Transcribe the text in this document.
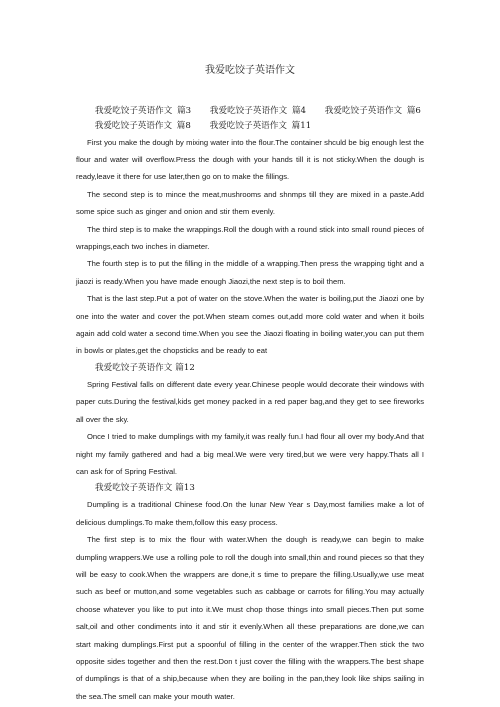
我爱吃饺子英语作文

我爱吃饺子英语作文 篇3 我爱吃饺子英语作文 篇4 我爱吃饺子英语作文 篇6 我爱吃饺子英语作文 篇8 我爱吃饺子英语作文 篇11

First you make the dough by mixing water into the flour.The container shculd be big enough lest the flour and water will overflow.Press the dough with your hands till it is not sticky.When the dough is ready,leave it there for use later,then go on to make the fillings.

The second step is to mince the meat,mushrooms and shnmps till they are mixed in a paste.Add some spice such as ginger and onion and stir them evenly.

The third step is to make the wrappings.Roll the dough with a round stick into small round pieces of wrappings,each two inches in diameter.

The fourth step is to put the filling in the middle of a wrapping.Then press the wrapping tight and a jiaozi is ready.When you have made enough Jiaozi,the next step is to boil them.

That is the last step.Put a pot of water on the stove.When the water is boiling,put the Jiaozi one by one into the water and cover the pot.When steam comes out,add more cold water and when it boils again add cold water a second time.When you see the Jiaozi floating in boiling water,you can put them in bowls or plates,get the chopsticks and be ready to eat

我爱吃饺子英语作文 篇12

Spring Festival falls on different date every year.Chinese people would decorate their windows with paper cuts.During the festival,kids get money packed in a red paper bag,and they get to see fireworks all over the sky.

Once I tried to make dumplings with my family,it was really fun.I had flour all over my body.And that night my family gathered and had a big meal.We were very tired,but we were very happy.Thats all I can ask for of Spring Festival.

我爱吃饺子英语作文 篇13

Dumpling is a traditional Chinese food.On the lunar New Year s Day,most families make a lot of delicious dumplings.To make them,follow this easy process.

The first step is to mix the flour with water.When the dough is ready,we can begin to make dumpling wrappers.We use a rolling pole to roll the dough into small,thin and round pieces so that they will be easy to cook.When the wrappers are done,it s time to prepare the filling.Usually,we use meat such as beef or mutton,and some vegetables such as cabbage or carrots for filling.You may actually choose whatever you like to put into it.We must chop those things into small pieces.Then put some salt,oil and other condiments into it and stir it evenly.When all these preparations are done,we can start making dumplings.First put a spoonful of filling in the center of the wrapper.Then stick the two opposite sides together and then the rest.Don t just cover the filling with the wrappers.The best shape of dumplings is that of a ship,because when they are boiling in the pan,they look like ships sailing in the sea.The smell can make your mouth water.
